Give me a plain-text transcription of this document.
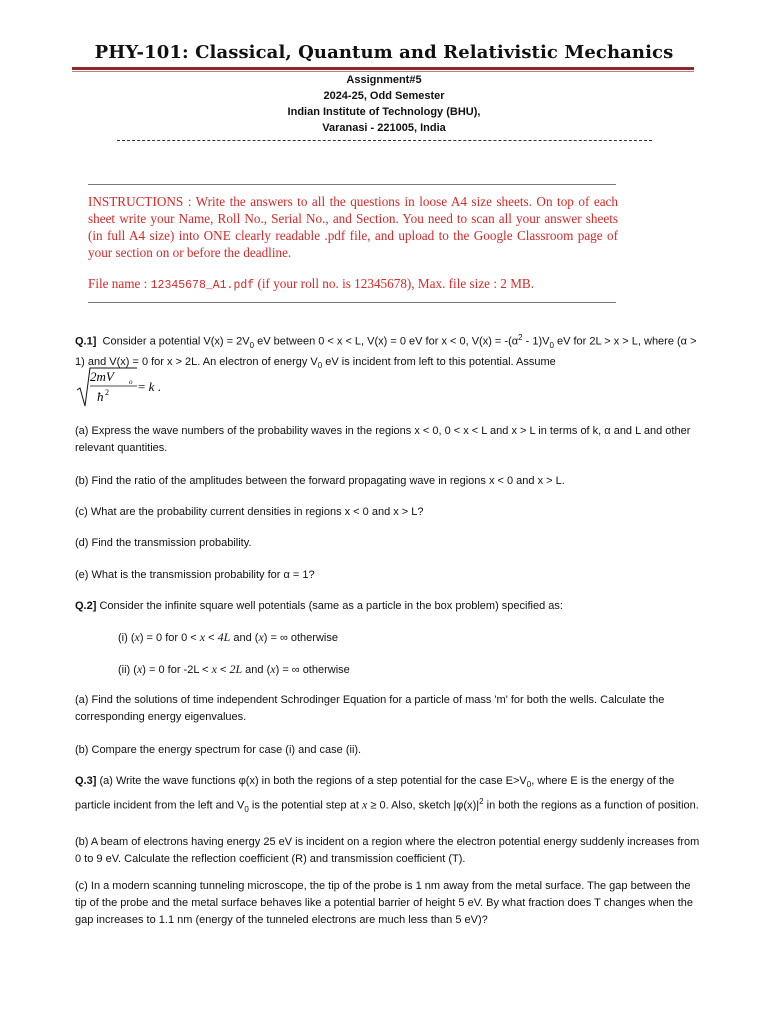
PHY-101: Classical, Quantum and Relativistic Mechanics
Assignment#5
2024-25, Odd Semester
Indian Institute of Technology (BHU),
Varanasi - 221005, India
INSTRUCTIONS : Write the answers to all the questions in loose A4 size sheets. On top of each sheet write your Name, Roll No., Serial No., and Section. You need to scan all your answer sheets (in full A4 size) into ONE clearly readable .pdf file, and upload to the Google Classroom page of your section on or before the deadline.
File name : 12345678_A1.pdf (if your roll no. is 12345678), Max. file size : 2 MB.
Q.1]  Consider a potential $V(x) = 2V_0$ eV between 0 < x < L, V(x) = 0 eV for x < 0, $V(x) = -(\alpha^2 - 1)V_0$ eV for 2L > x > L, where (α > 1) and V(x) = 0 for x > 2L. An electron of energy $V_0$ eV is incident from left to this potential. Assume
2mV o
ħ 2 = k .
(a) Express the wave numbers of the probability waves in the regions x < 0, 0 < x < L and x > L in terms of k, α and L and other relevant quantities.
(b) Find the ratio of the amplitudes between the forward propagating wave in regions x < 0 and x > L.
(c) What are the probability current densities in regions x < 0 and x > L?
(d) Find the transmission probability.
(e) What is the transmission probability for α = 1?
Q.2] Consider the infinite square well potentials (same as a particle in the box problem) specified as:
(i) (x) = 0 for 0 < x < 4L and (x) = ∞ otherwise
(ii) (x) = 0 for -2L < x < 2L and (x) = ∞ otherwise
(a) Find the solutions of time independent Schrodinger Equation for a particle of mass 'm' for both the wells. Calculate the corresponding energy eigenvalues.
(b) Compare the energy spectrum for case (i) and case (ii).
Q.3] (a) Write the wave functions φ(x) in both the regions of a step potential for the case $E>V_0$, where E is the energy of the particle incident from the left and $V_0$ is the potential step at x ≥ 0. Also, sketch $|\varphi(x)|^2$ in both the regions as a function of position.
(b) A beam of electrons having energy 25 eV is incident on a region where the electron potential energy suddenly increases from 0 to 9 eV. Calculate the reflection coefficient (R) and transmission coefficient (T).
(c) In a modern scanning tunneling microscope, the tip of the probe is 1 nm away from the metal surface. The gap between the tip of the probe and the metal surface behaves like a potential barrier of height 5 eV. By what fraction does T changes when the gap increases to 1.1 nm (energy of the tunneled electrons are much less than 5 eV)?
